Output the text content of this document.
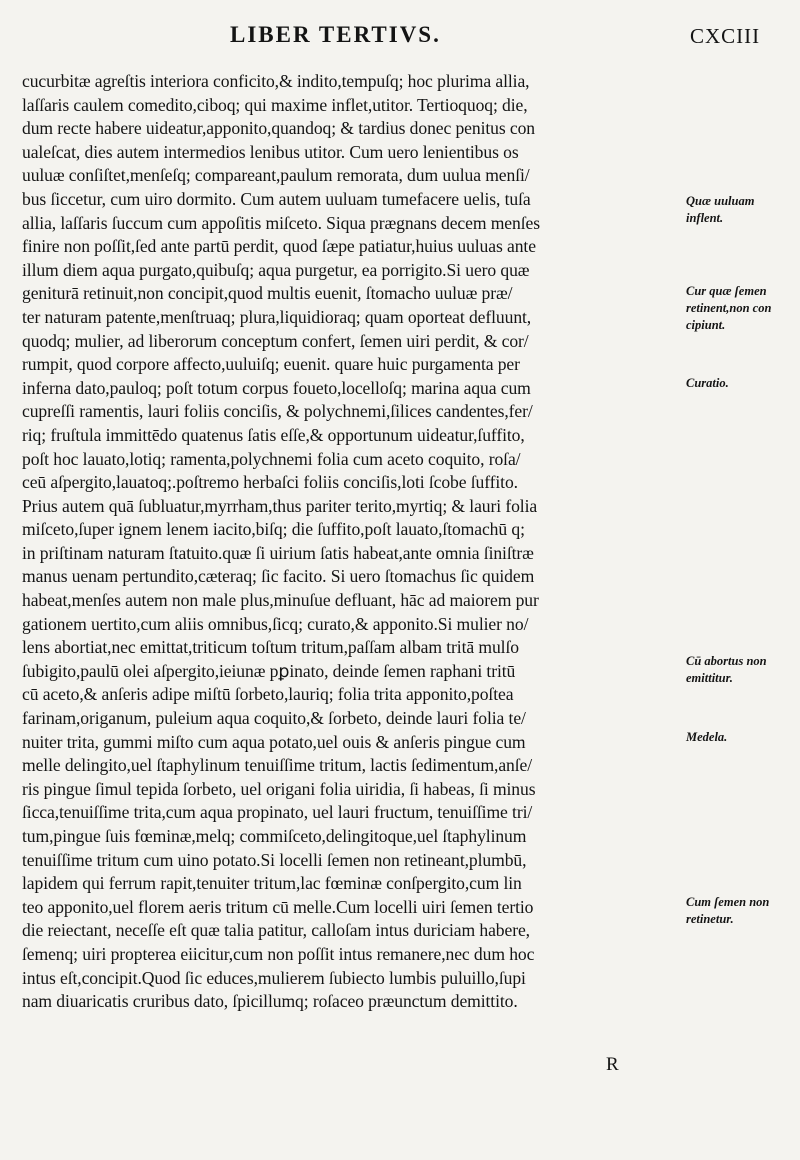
LIBER TERTIVS.	CXCIII
cucurbitæ agreſtis interiora conficito,& indito,tempuſq; hoc plurima allia,
laſſaris caulem comedito,ciboq; qui maxime inflet,utitor. Tertioquoq; die,
dum recte habere uideatur,apponito,quandoq; & tardius donec penitus con
ualeſcat, dies autem intermedios lenibus utitor. Cum uero lenientibus os
uuluæ conſiſtet,menſeſq; compareant,paulum remorata, dum uulua menſi/
bus ſiccetur, cum uiro dormito. Cum autem uuluam tumefacere uelis, tuſa
allia, laſſaris ſuccum cum appoſitis miſceto. Siqua prægnans decem menſes
finire non poſſit,ſed ante partū perdit, quod ſæpe patiatur,huius uuluas ante
illum diem aqua purgato,quibuſq; aqua purgetur, ea porrigito.Si uero quæ
geniturā retinuit,non concipit,quod multis euenit, ſtomacho uuluæ præ/
ter naturam patente,menſtruaq; plura,liquidioraq; quam oporteat defluunt,
quodq; mulier, ad liberorum conceptum confert, ſemen uiri perdit, & cor/
rumpit, quod corpore affecto,uuluiſq; euenit. quare huic purgamenta per
inferna dato,pauloq; poſt totum corpus foueto,locelloſq; marina aqua cum
cupreſſi ramentis, lauri foliis conciſis, & polychnemi,ſilices candentes,fer/
riq; fruſtula immittēdo quatenus ſatis eſſe,& opportunum uideatur,ſuffito,
poſt hoc lauato,lotiq; ramenta,polychnemi folia cum aceto coquito, roſa/
ceū aſpergito,lauatoq;.poſtremo herbaſci foliis conciſis,loti ſcobe ſuffito.
Prius autem quā ſubluatur,myrrham,thus pariter terito,myrtiq; & lauri folia
miſceto,ſuper ignem lenem iacito,biſq; die ſuffito,poſt lauato,ſtomachū q;
in priſtinam naturam ſtatuito.quæ ſi uirium ſatis habeat,ante omnia ſiniſtræ
manus uenam pertundito,cæteraq; ſic facito. Si uero ſtomachus ſic quidem
habeat,menſes autem non male plus,minuſue defluant, hāc ad maiorem pur
gationem uertito,cum aliis omnibus,ſicq; curato,& apponito.Si mulier no/
lens abortiat,nec emittat,triticum toſtum tritum,paſſam albam tritā mulſo
ſubigito,paulū olei aſpergito,ieiunæ pꝑinato, deinde ſemen raphani tritū
cū aceto,& anſeris adipe miſtū ſorbeto,lauriq; folia trita apponito,poſtea
farinam,origanum, puleium aqua coquito,& ſorbeto, deinde lauri folia te/
nuiter trita, gummi miſto cum aqua potato,uel ouis & anſeris pingue cum
melle delingito,uel ſtaphylinum tenuiſſime tritum, lactis ſedimentum,anſe/
ris pingue ſimul tepida ſorbeto, uel origani folia uiridia, ſi habeas, ſi minus
ſicca,tenuiſſime trita,cum aqua propinato, uel lauri fructum, tenuiſſime tri/
tum,pingue ſuis fœminæ,melq; commiſceto,delingitoque,uel ſtaphylinum
tenuiſſime tritum cum uino potato.Si locelli ſemen non retineant,plumbū,
lapidem qui ferrum rapit,tenuiter tritum,lac fœminæ conſpergito,cum lin
teo apponito,uel florem aeris tritum cū melle.Cum locelli uiri ſemen tertio
die reiectant, neceſſe eſt quæ talia patitur, calloſam intus duriciam habere,
ſemenq; uiri propterea eiicitur,cum non poſſit intus remanere,nec dum hoc
intus eſt,concipit.Quod ſic educes,mulierem ſubiecto lumbis puluillo,ſupi
nam diuaricatis cruribus dato, ſpicillumq; roſaceo præunctum demittito.
Quæ uuluam
inflent.
Cur quæ ſemen
retinent,non con
cipiunt.
Curatio.
Cū abortus non
emittitur.
Medela.
Cum ſemen non
retinetur.
R
